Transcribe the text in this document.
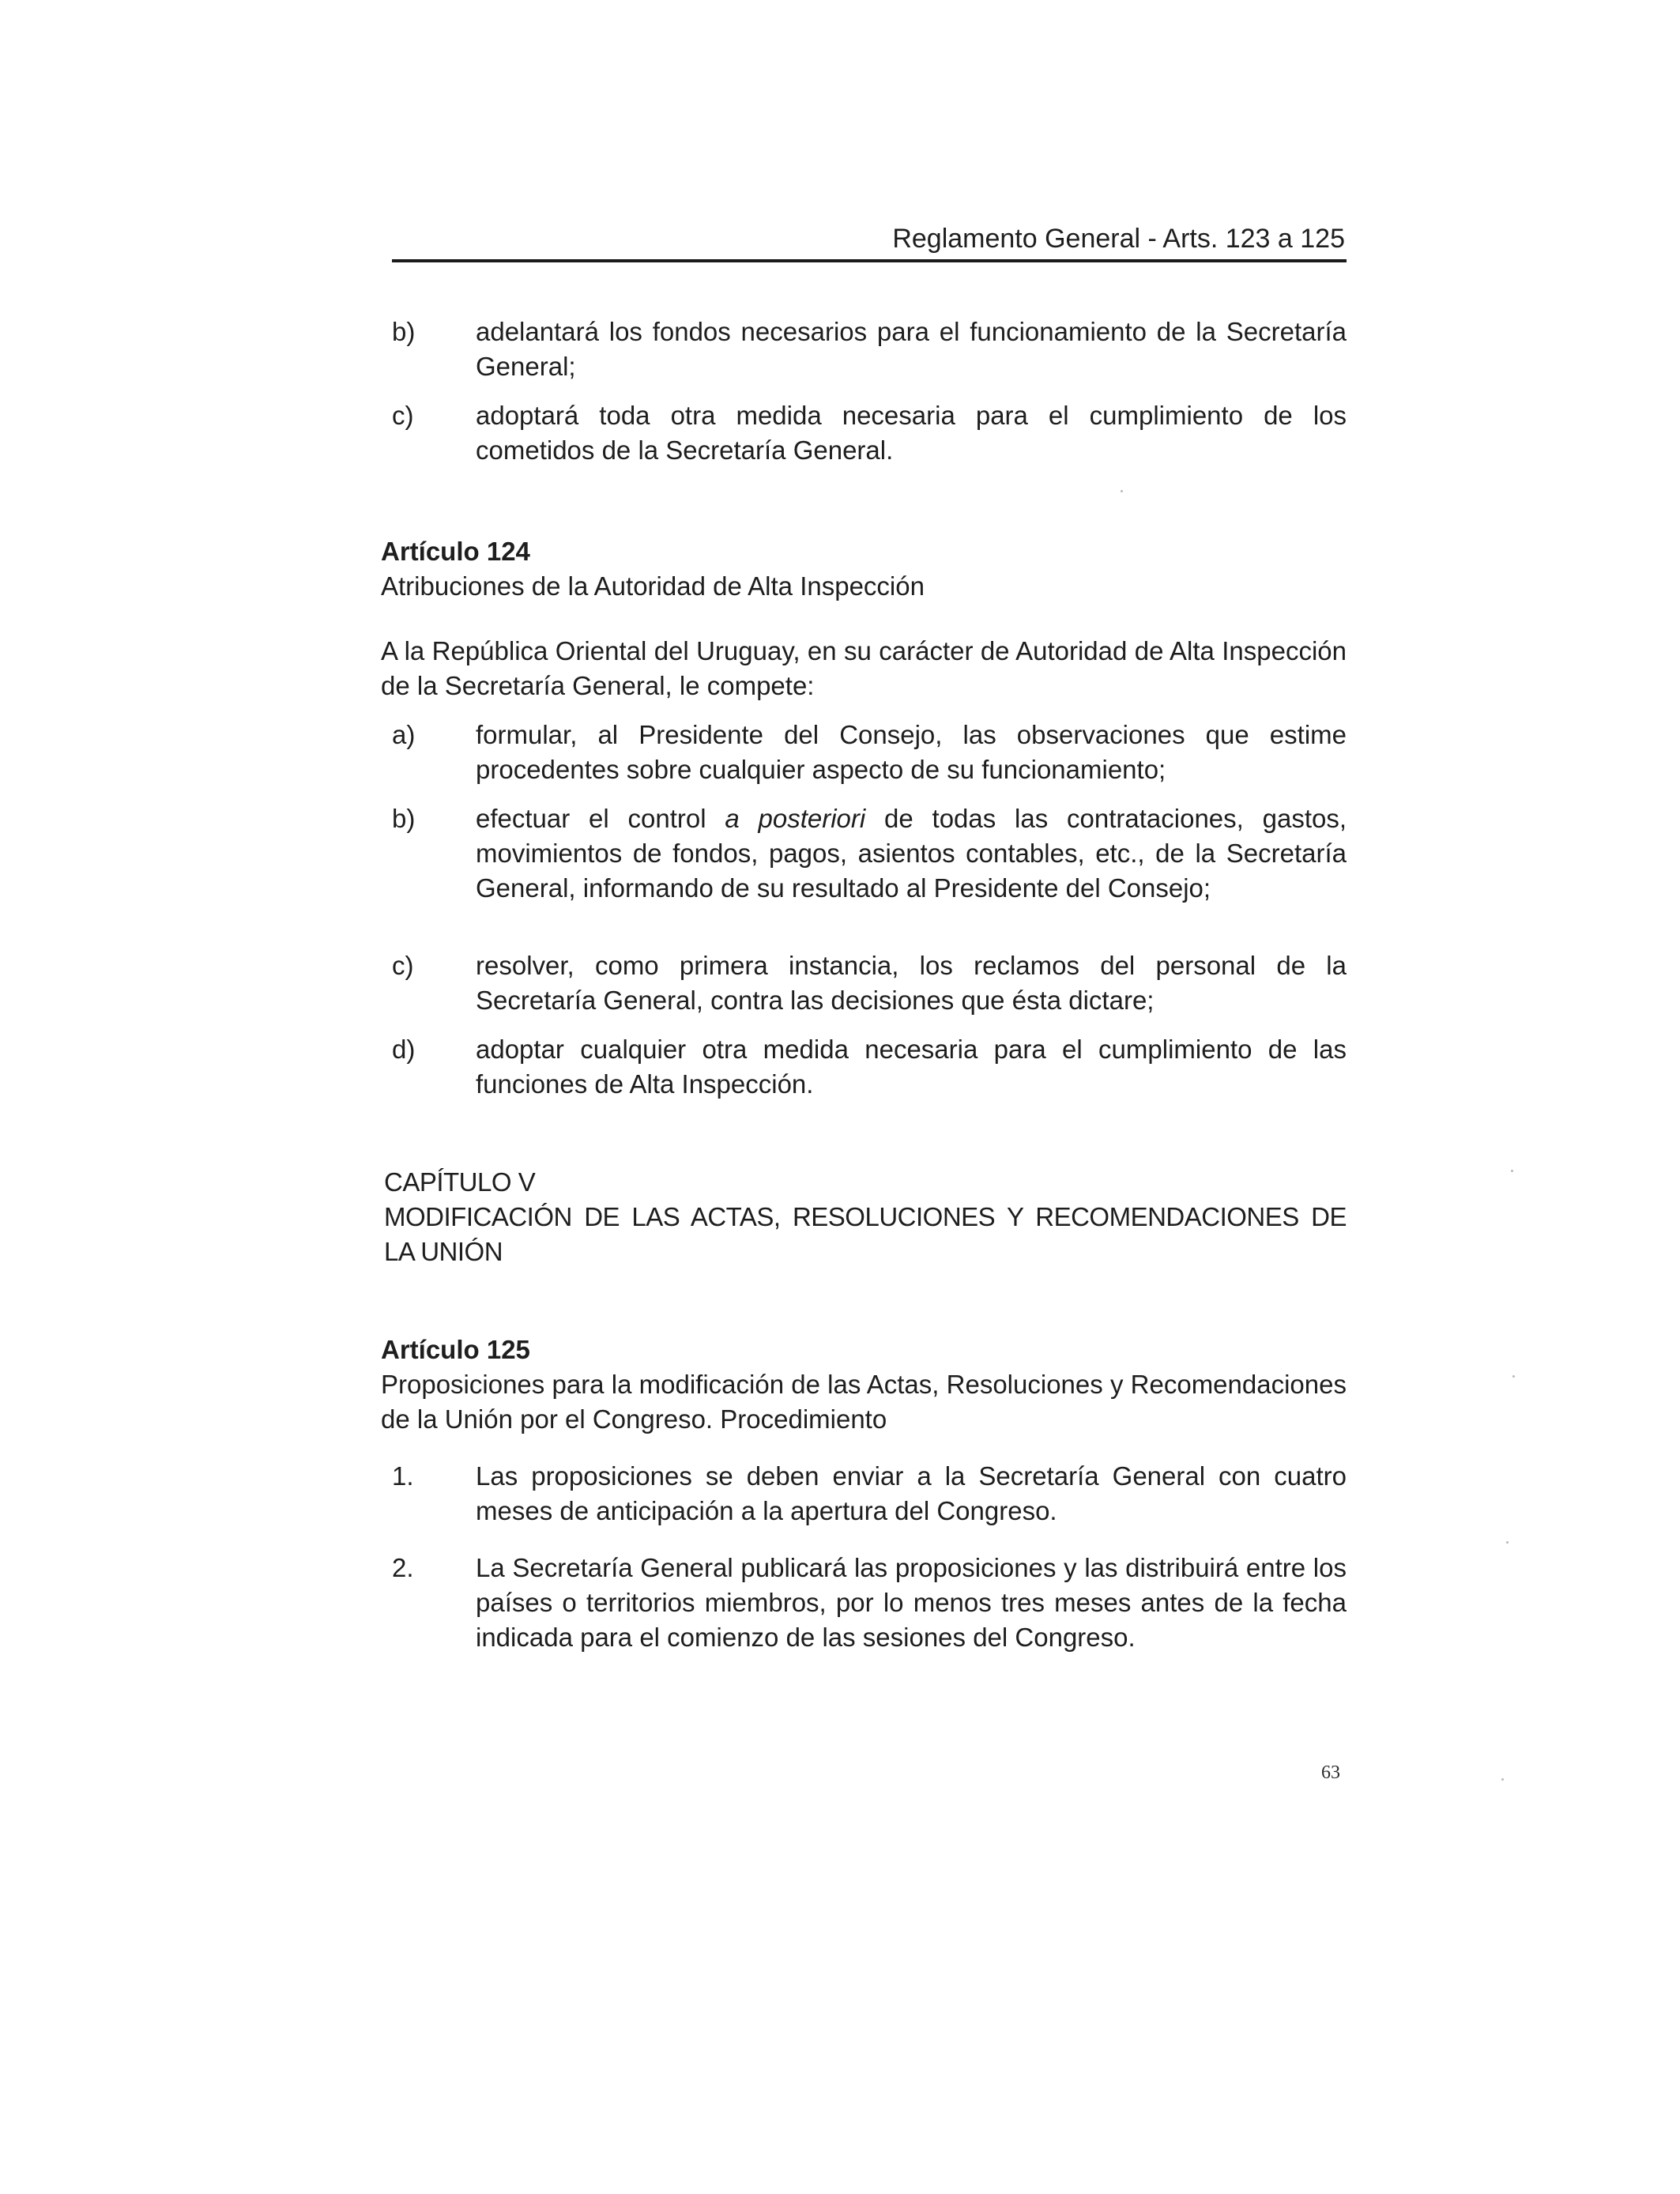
Reglamento General - Arts. 123 a 125
b) adelantará los fondos necesarios para el funcionamiento de la Secretaría General;
c) adoptará toda otra medida necesaria para el cumplimiento de los cometidos de la Secretaría General.
Artículo 124
Atribuciones de la Autoridad de Alta Inspección
A la República Oriental del Uruguay, en su carácter de Autoridad de Alta Inspección de la Secretaría General, le compete:
a) formular, al Presidente del Consejo, las observaciones que estime procedentes sobre cualquier aspecto de su funcionamiento;
b) efectuar el control a posteriori de todas las contrataciones, gastos, movimientos de fondos, pagos, asientos contables, etc., de la Secretaría General, informando de su resultado al Presidente del Consejo;
c) resolver, como primera instancia, los reclamos del personal de la Secretaría General, contra las decisiones que ésta dictare;
d) adoptar cualquier otra medida necesaria para el cumplimiento de las funciones de Alta Inspección.
CAPÍTULO V
MODIFICACIÓN DE LAS ACTAS, RESOLUCIONES Y RECOMENDACIONES DE LA UNIÓN
Artículo 125
Proposiciones para la modificación de las Actas, Resoluciones y Recomendaciones de la Unión por el Congreso. Procedimiento
1. Las proposiciones se deben enviar a la Secretaría General con cuatro meses de anticipación a la apertura del Congreso.
2. La Secretaría General publicará las proposiciones y las distribuirá entre los países o territorios miembros, por lo menos tres meses antes de la fecha indicada para el comienzo de las sesiones del Congreso.
63
